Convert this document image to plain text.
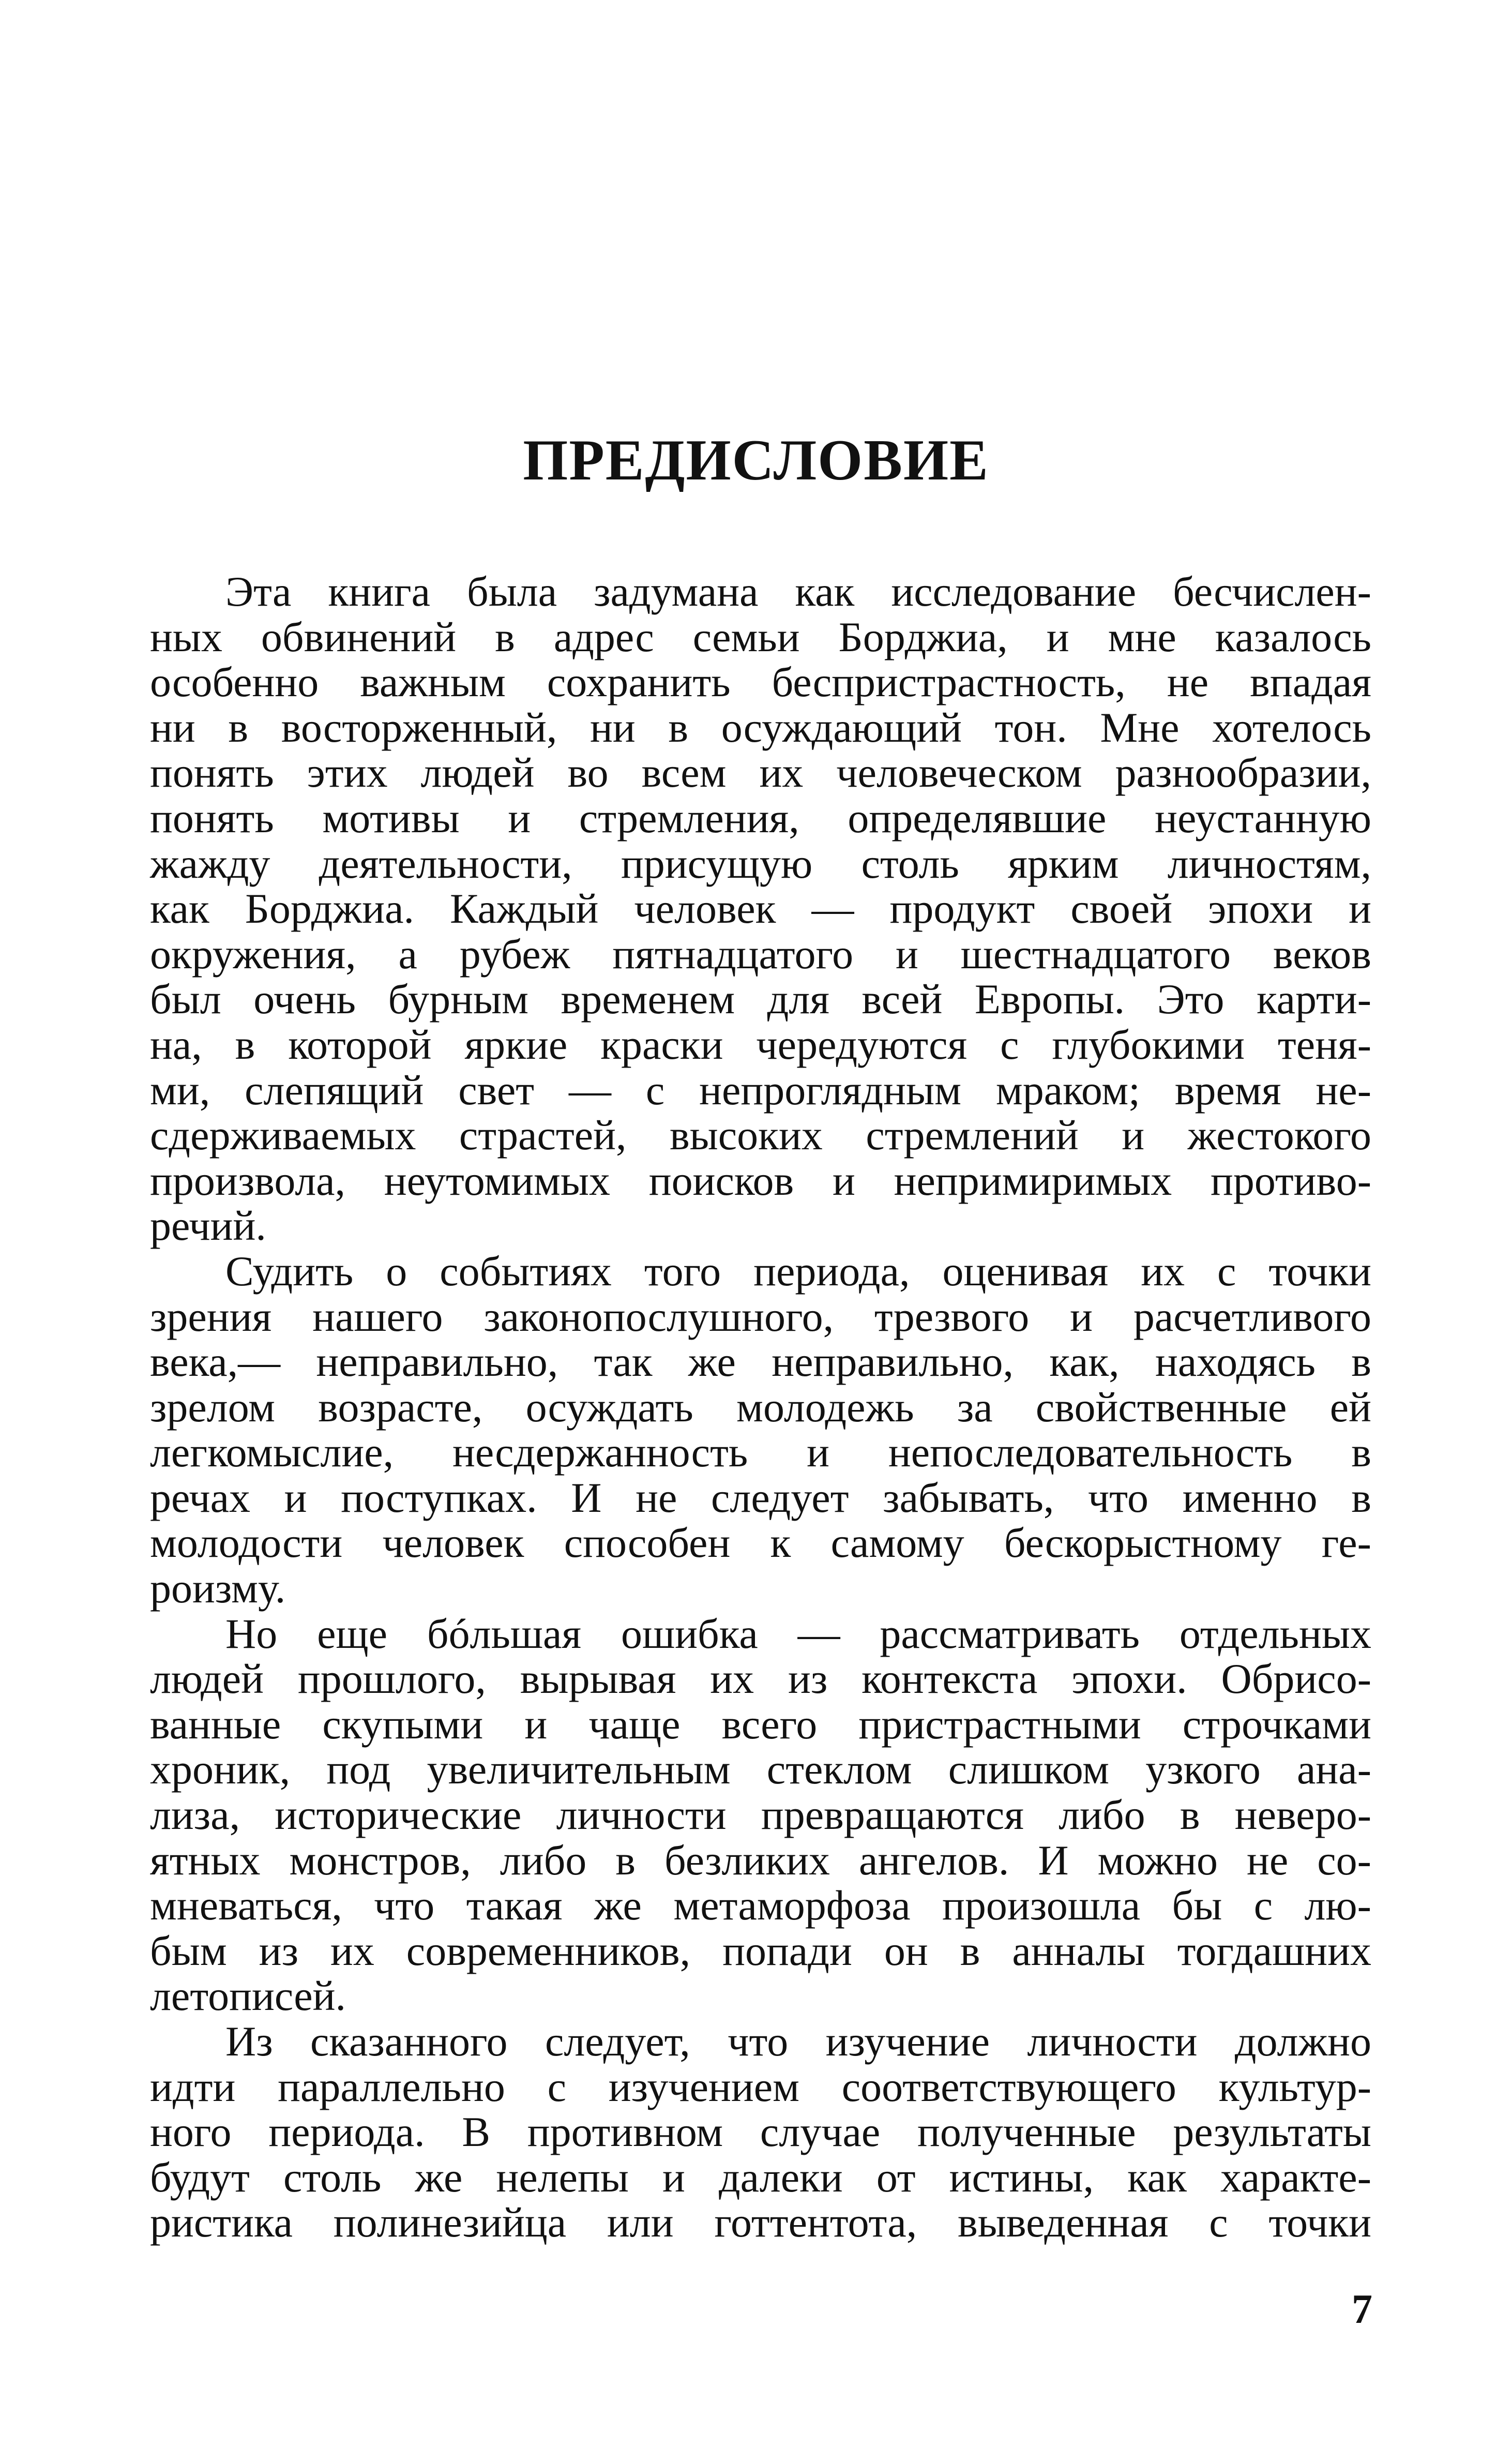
ПРЕДИСЛОВИЕ

Эта книга была задумана как исследование бесчислен-
ных обвинений в адрес семьи Борджиа, и мне казалось
особенно важным сохранить беспристрастность, не впадая
ни в восторженный, ни в осуждающий тон. Мне хотелось
понять этих людей во всем их человеческом разнообразии,
понять мотивы и стремления, определявшие неустанную
жажду деятельности, присущую столь ярким личностям,
как Борджиа. Каждый человек — продукт своей эпохи и
окружения, а рубеж пятнадцатого и шестнадцатого веков
был очень бурным временем для всей Европы. Это карти-
на, в которой яркие краски чередуются с глубокими теня-
ми, слепящий свет — с непроглядным мраком; время не-
сдерживаемых страстей, высоких стремлений и жестокого
произвола, неутомимых поисков и непримиримых противо-
речий.

Судить о событиях того периода, оценивая их с точки
зрения нашего законопослушного, трезвого и расчетливого
века,— неправильно, так же неправильно, как, находясь в
зрелом возрасте, осуждать молодежь за свойственные ей
легкомыслие, несдержанность и непоследовательность в
речах и поступках. И не следует забывать, что именно в
молодости человек способен к самому бескорыстному ге-
роизму.

Но еще бóльшая ошибка — рассматривать отдельных
людей прошлого, вырывая их из контекста эпохи. Обрисо-
ванные скупыми и чаще всего пристрастными строчками
хроник, под увеличительным стеклом слишком узкого ана-
лиза, исторические личности превращаются либо в неверо-
ятных монстров, либо в безликих ангелов. И можно не со-
мневаться, что такая же метаморфоза произошла бы с лю-
бым из их современников, попади он в анналы тогдашних
летописей.

Из сказанного следует, что изучение личности должно
идти параллельно с изучением соответствующего культур-
ного периода. В противном случае полученные результаты
будут столь же нелепы и далеки от истины, как характе-
ристика полинезийца или готтентота, выведенная с точки

7
